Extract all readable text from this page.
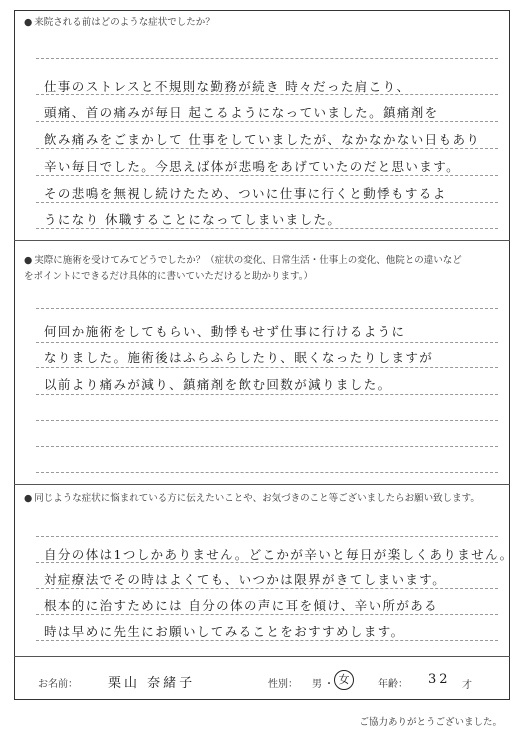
● 来院される前はどのような症状でしたか？
仕事のストレスと不規則な勤務が続き 時々だった肩こり、
頭痛、首の痛みが毎日 起こるようになっていました。鎮痛剤を
飲み痛みをごまかして 仕事をしていましたが、なかなかない日もあり
辛い毎日でした。今思えば体が悲鳴をあげていたのだと思います。
その悲鳴を無視し続けたため、ついに仕事に行くと動悸もするよ
うになり 休職することになってしまいました。
● 実際に施術を受けてみてどうでしたか？（症状の変化、日常生活・仕事上の変化、他院との違いなど
をポイントにできるだけ具体的に書いていただけると助かります。）
何回か施術をしてもらい、動悸もせず仕事に行けるように
なりました。施術後はふらふらしたり、眠くなったりしますが
以前より痛みが減り、鎮痛剤を飲む回数が減りました。
● 同じような症状に悩まれている方に伝えたいことや、お気づきのこと等ございましたらお願い致します。
自分の体は1つしかありません。どこかが辛いと毎日が楽しくありません。
対症療法でその時はよくても、いつかは限界がきてしまいます。
根本的に治すためには 自分の体の声に耳を傾け、辛い所がある
時は早めに先生にお願いしてみることをおすすめします。
お名前： 栗山 奈緒子	性別： 男 ・ 女	年齢： 32 才
ご協力ありがとうございました。
